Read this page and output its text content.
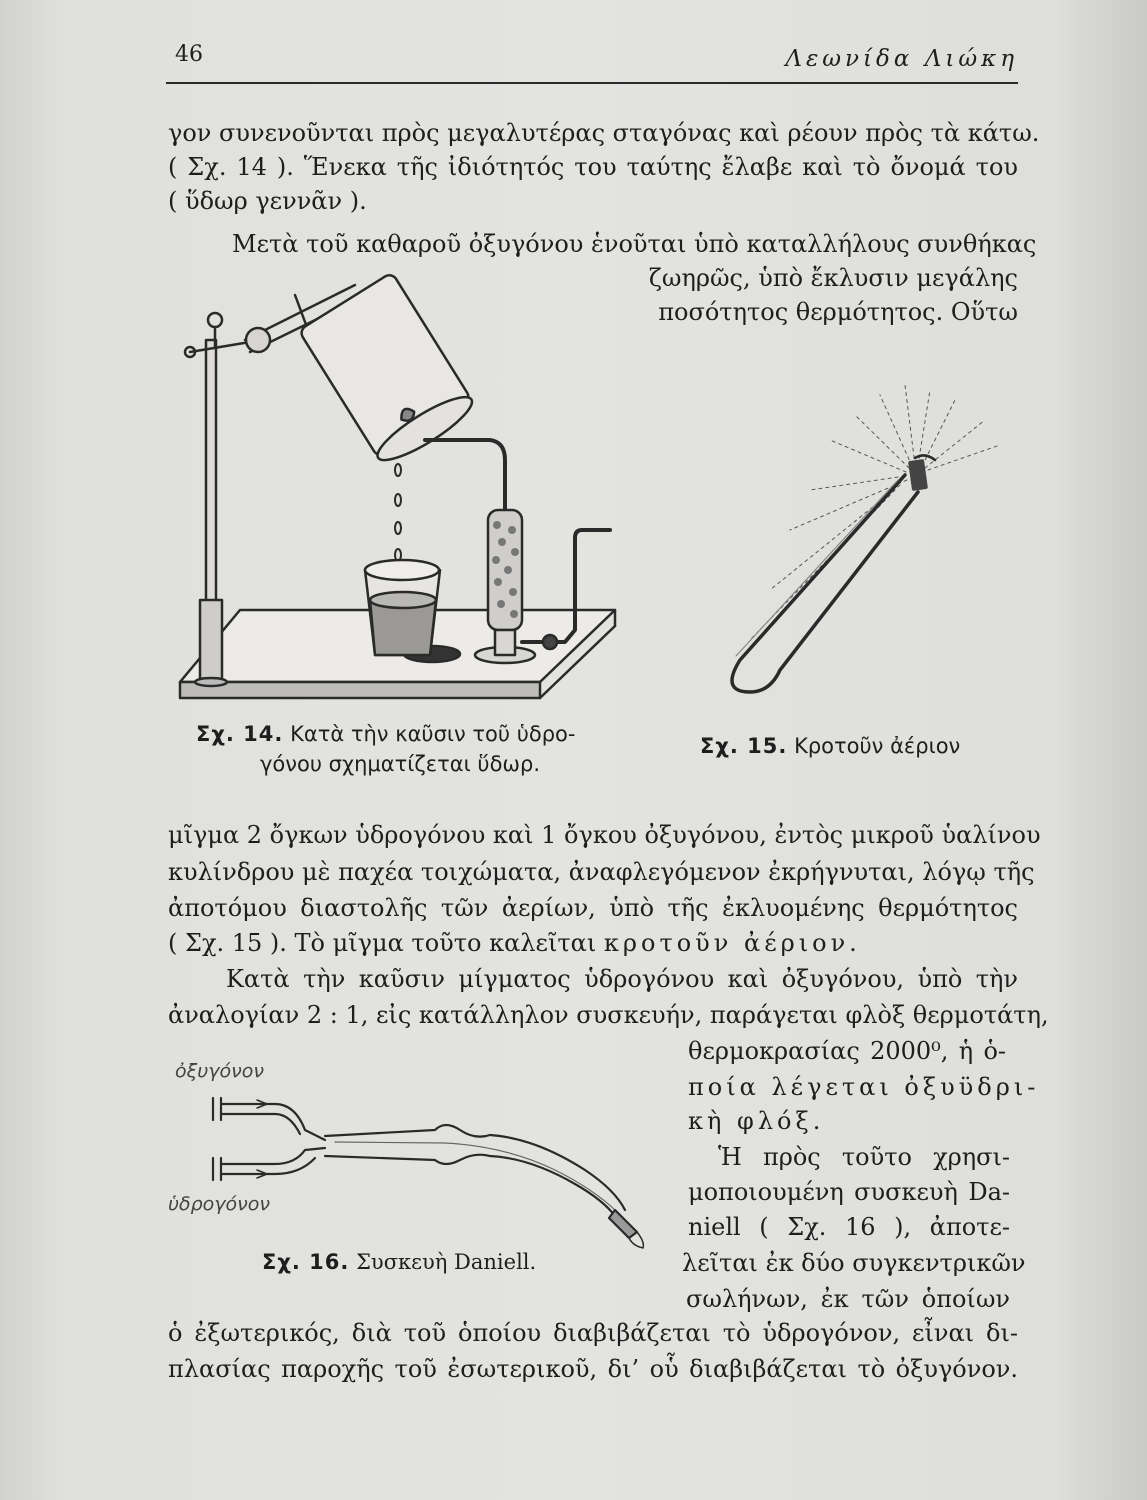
46	Λεωνίδα Λιώκη
γον συνενοῦνται πρὸς μεγαλυτέρας σταγόνας καὶ ρέουν πρὸς τὰ κάτω.
( Σχ. 14 ). Ἕνεκα τῆς ἰδιότητός του ταύτης ἔλαβε καὶ τὸ ὄνομά του
( ὕδωρ γεννᾶν ).
Μετὰ τοῦ καθαροῦ ὀξυγόνου ἑνοῦται ὑπὸ καταλλήλους συνθήκας
ζωηρῶς, ὑπὸ ἔκλυσιν μεγάλης
ποσότητος θερμότητος. Οὕτω
Σχ. 14. Κατὰ τὴν καῦσιν τοῦ ὑδρο-
γόνου σχηματίζεται ὕδωρ.
Σχ. 15. Κροτοῦν ἀέριον
μῖγμα 2 ὄγκων ὑδρογόνου καὶ 1 ὄγκου ὀξυγόνου, ἐντὸς μικροῦ ὑαλίνου
κυλίνδρου μὲ παχέα τοιχώματα, ἀναφλεγόμενον ἐκρήγνυται, λόγῳ τῆς
ἀποτόμου διαστολῆς τῶν ἀερίων, ὑπὸ τῆς ἐκλυομένης θερμότητος
( Σχ. 15 ). Τὸ μῖγμα τοῦτο καλεῖται κροτοῦν ἀέριον.
Κατὰ τὴν καῦσιν μίγματος ὑδρογόνου καὶ ὀξυγόνου, ὑπὸ τὴν
ἀναλογίαν 2 : 1, εἰς κατάλληλον συσκευήν, παράγεται φλὸξ θερμοτάτη,
θερμοκρασίας 2000⁰, ἡ ὁ-
ποία λέγεται ὀξυϋδρι-
κὴ φλόξ.
Ἡ πρὸς τοῦτο χρησι-
μοποιουμένη συσκευὴ Da-
niell ( Σχ. 16 ), ἀποτε-
λεῖται ἐκ δύο συγκεντρικῶν
σωλήνων, ἐκ τῶν ὁποίων
ὀξυγόνον
ὑδρογόνον
Σχ. 16. Συσκευὴ Daniell.
ὁ ἐξωτερικός, διὰ τοῦ ὁποίου διαβιβάζεται τὸ ὑδρογόνον, εἶναι δι-
πλασίας παροχῆς τοῦ ἐσωτερικοῦ, δι’ οὗ διαβιβάζεται τὸ ὀξυγόνον.
